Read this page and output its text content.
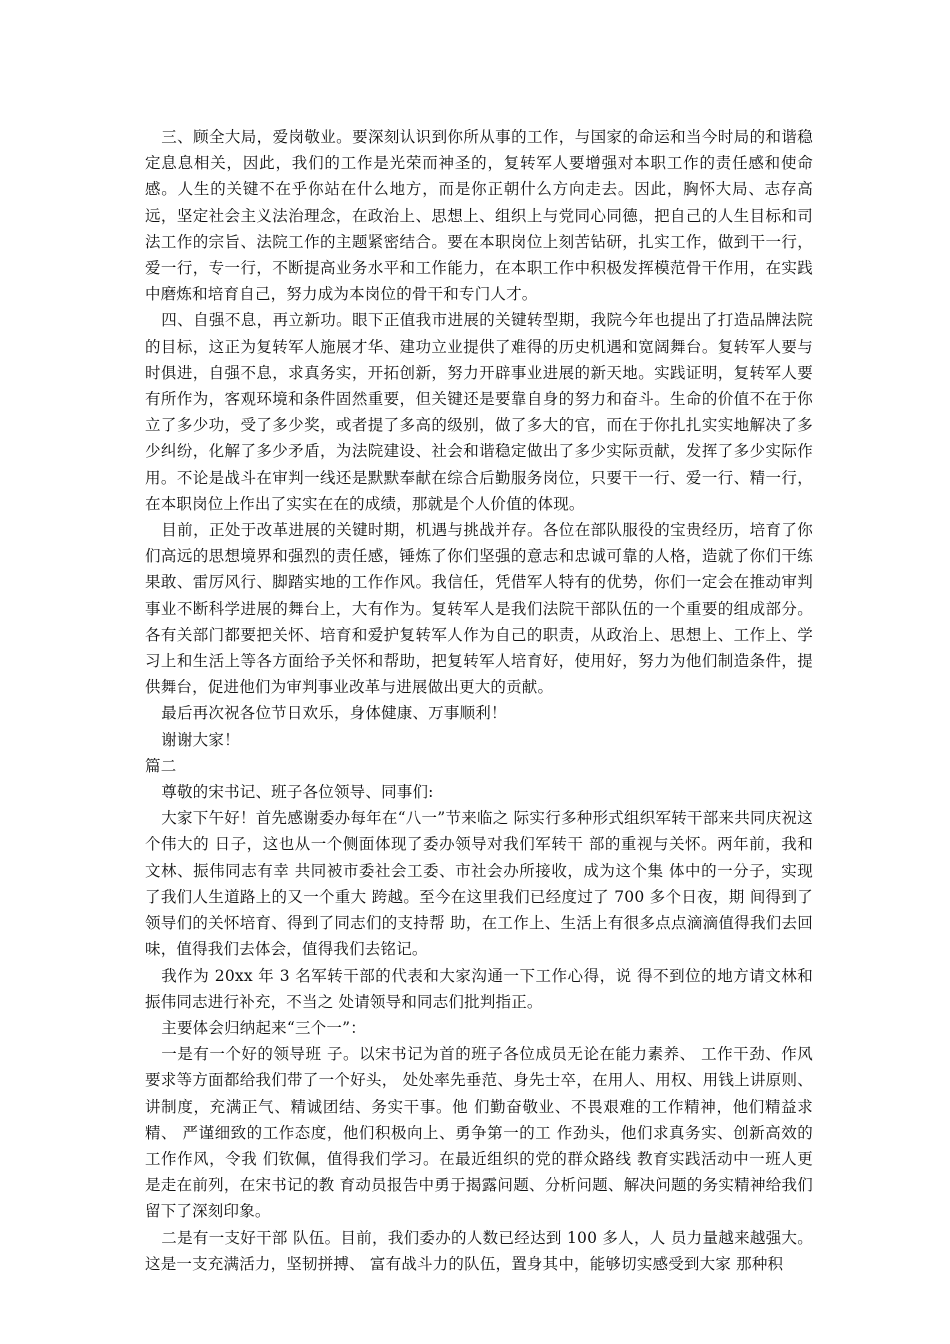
三、顾全大局，爱岗敬业。要深刻认识到你所从事的工作，与国家的命运和当今时局的和谐稳定息息相关，因此，我们的工作是光荣而神圣的，复转军人要增强对本职工作的责任感和使命感。人生的关键不在乎你站在什么地方，而是你正朝什么方向走去。因此，胸怀大局、志存高远，坚定社会主义法治理念，在政治上、思想上、组织上与党同心同德，把自己的人生目标和司法工作的宗旨、法院工作的主题紧密结合。要在本职岗位上刻苦钻研，扎实工作，做到干一行，爱一行，专一行，不断提高业务水平和工作能力，在本职工作中积极发挥模范骨干作用，在实践中磨炼和培育自己，努力成为本岗位的骨干和专门人才。

四、自强不息，再立新功。眼下正值我市进展的关键转型期，我院今年也提出了打造品牌法院的目标，这正为复转军人施展才华、建功立业提供了难得的历史机遇和宽阔舞台。复转军人要与时俱进，自强不息，求真务实，开拓创新，努力开辟事业进展的新天地。实践证明，复转军人要有所作为，客观环境和条件固然重要，但关键还是要靠自身的努力和奋斗。生命的价值不在于你立了多少功，受了多少奖，或者提了多高的级别，做了多大的官，而在于你扎扎实实地解决了多少纠纷，化解了多少矛盾，为法院建设、社会和谐稳定做出了多少实际贡献，发挥了多少实际作用。不论是战斗在审判一线还是默默奉献在综合后勤服务岗位，只要干一行、爱一行、精一行，在本职岗位上作出了实实在在的成绩，那就是个人价值的体现。

目前，正处于改革进展的关键时期，机遇与挑战并存。各位在部队服役的宝贵经历，培育了你们高远的思想境界和强烈的责任感，锤炼了你们坚强的意志和忠诚可靠的人格，造就了你们干练果敢、雷厉风行、脚踏实地的工作作风。我信任，凭借军人特有的优势，你们一定会在推动审判事业不断科学进展的舞台上，大有作为。复转军人是我们法院干部队伍的一个重要的组成部分。各有关部门都要把关怀、培育和爱护复转军人作为自己的职责，从政治上、思想上、工作上、学习上和生活上等各方面给予关怀和帮助，把复转军人培育好，使用好，努力为他们制造条件，提供舞台，促进他们为审判事业改革与进展做出更大的贡献。

最后再次祝各位节日欢乐，身体健康、万事顺利！

谢谢大家！

篇二

尊敬的宋书记、班子各位领导、同事们:

大家下午好！首先感谢委办每年在“八一”节来临之 际实行多种形式组织军转干部来共同庆祝这个伟大的 日子，这也从一个侧面体现了委办领导对我们军转干 部的重视与关怀。两年前，我和文林、振伟同志有幸 共同被市委社会工委、市社会办所接收，成为这个集 体中的一分子，实现了我们人生道路上的又一个重大 跨越。至今在这里我们已经度过了 700 多个日夜，期 间得到了领导们的关怀培育、得到了同志们的支持帮 助，在工作上、生活上有很多点点滴滴值得我们去回 味，值得我们去体会，值得我们去铭记。

我作为 20xx 年 3 名军转干部的代表和大家沟通一下工作心得，说 得不到位的地方请文林和振伟同志进行补充，不当之 处请领导和同志们批判指正。

主要体会归纳起来“三个一”：

一是有一个好的领导班 子。以宋书记为首的班子各位成员无论在能力素养、 工作干劲、作风要求等方面都给我们带了一个好头， 处处率先垂范、身先士卒，在用人、用权、用钱上讲原则、讲制度，充满正气、精诚团结、务实干事。他 们勤奋敬业、不畏艰难的工作精神，他们精益求精、 严谨细致的工作态度，他们积极向上、勇争第一的工 作劲头，他们求真务实、创新高效的工作作风，令我 们钦佩，值得我们学习。在最近组织的党的群众路线 教育实践活动中一班人更是走在前列，在宋书记的教 育动员报告中勇于揭露问题、分析问题、解决问题的务实精神给我们留下了深刻印象。

二是有一支好干部 队伍。目前，我们委办的人数已经达到 100 多人，人 员力量越来越强大。这是一支充满活力，坚韧拼搏、 富有战斗力的队伍，置身其中，能够切实感受到大家 那种积
